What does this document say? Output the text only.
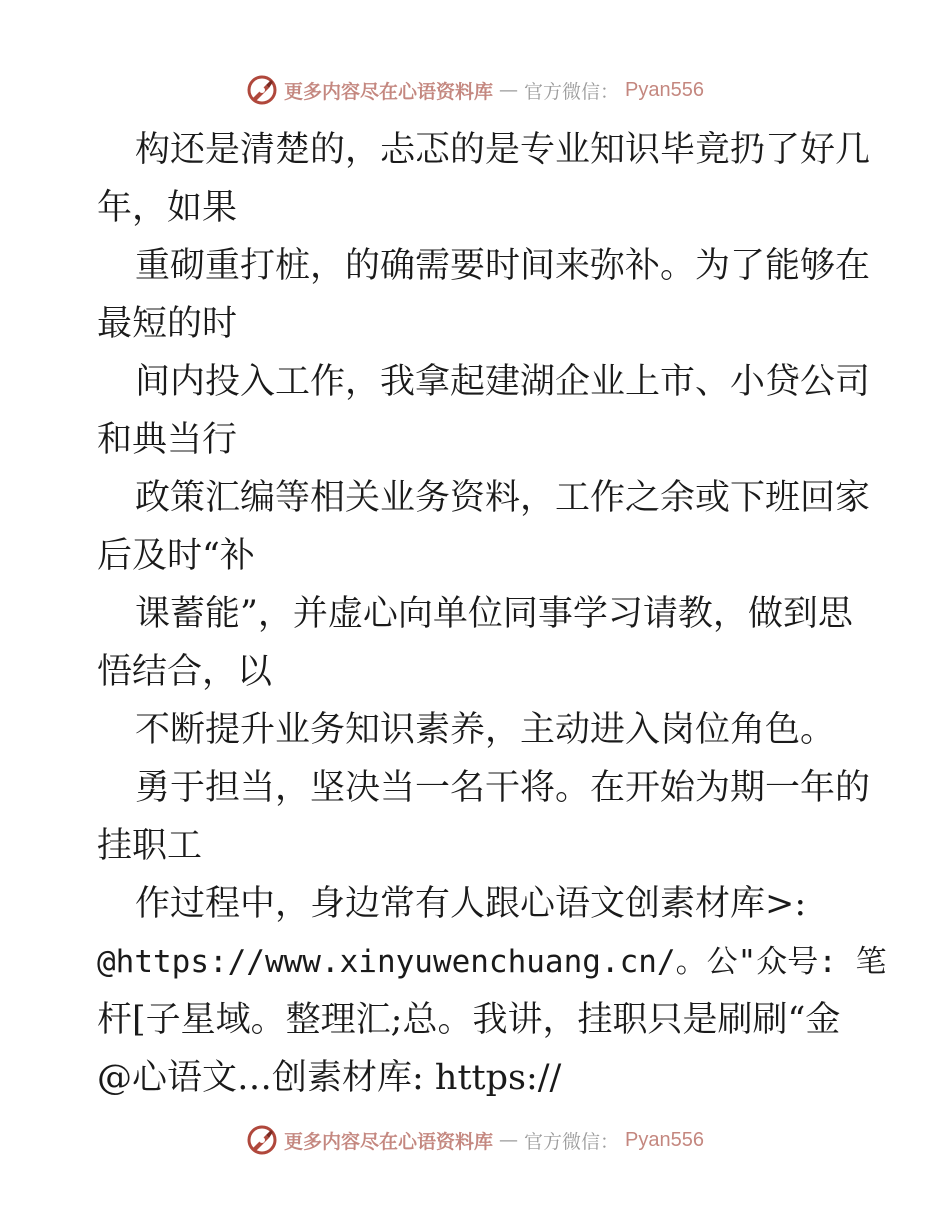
更多内容尽在心语资料库 — 官方微信： Pyan556
构还是清楚的，忐忑的是专业知识毕竟扔了好几
年，如果
重砌重打桩，的确需要时间来弥补。为了能够在
最短的时
间内投入工作，我拿起建湖企业上市、小贷公司
和典当行
政策汇编等相关业务资料，工作之余或下班回家
后及时“补
课蓄能”，并虚心向单位同事学习请教，做到思
悟结合，以
不断提升业务知识素养，主动进入岗位角色。
勇于担当，坚决当一名干将。在开始为期一年的
挂职工
作过程中，身边常有人跟心语文创素材库>:
@https://www.xinyuwenchuang.cn/。公"众号: 笔
杆[子星域。整理汇;总。我讲，挂职只是刷刷“金
@心语文…创素材库: https://
更多内容尽在心语资料库 — 官方微信： Pyan556
